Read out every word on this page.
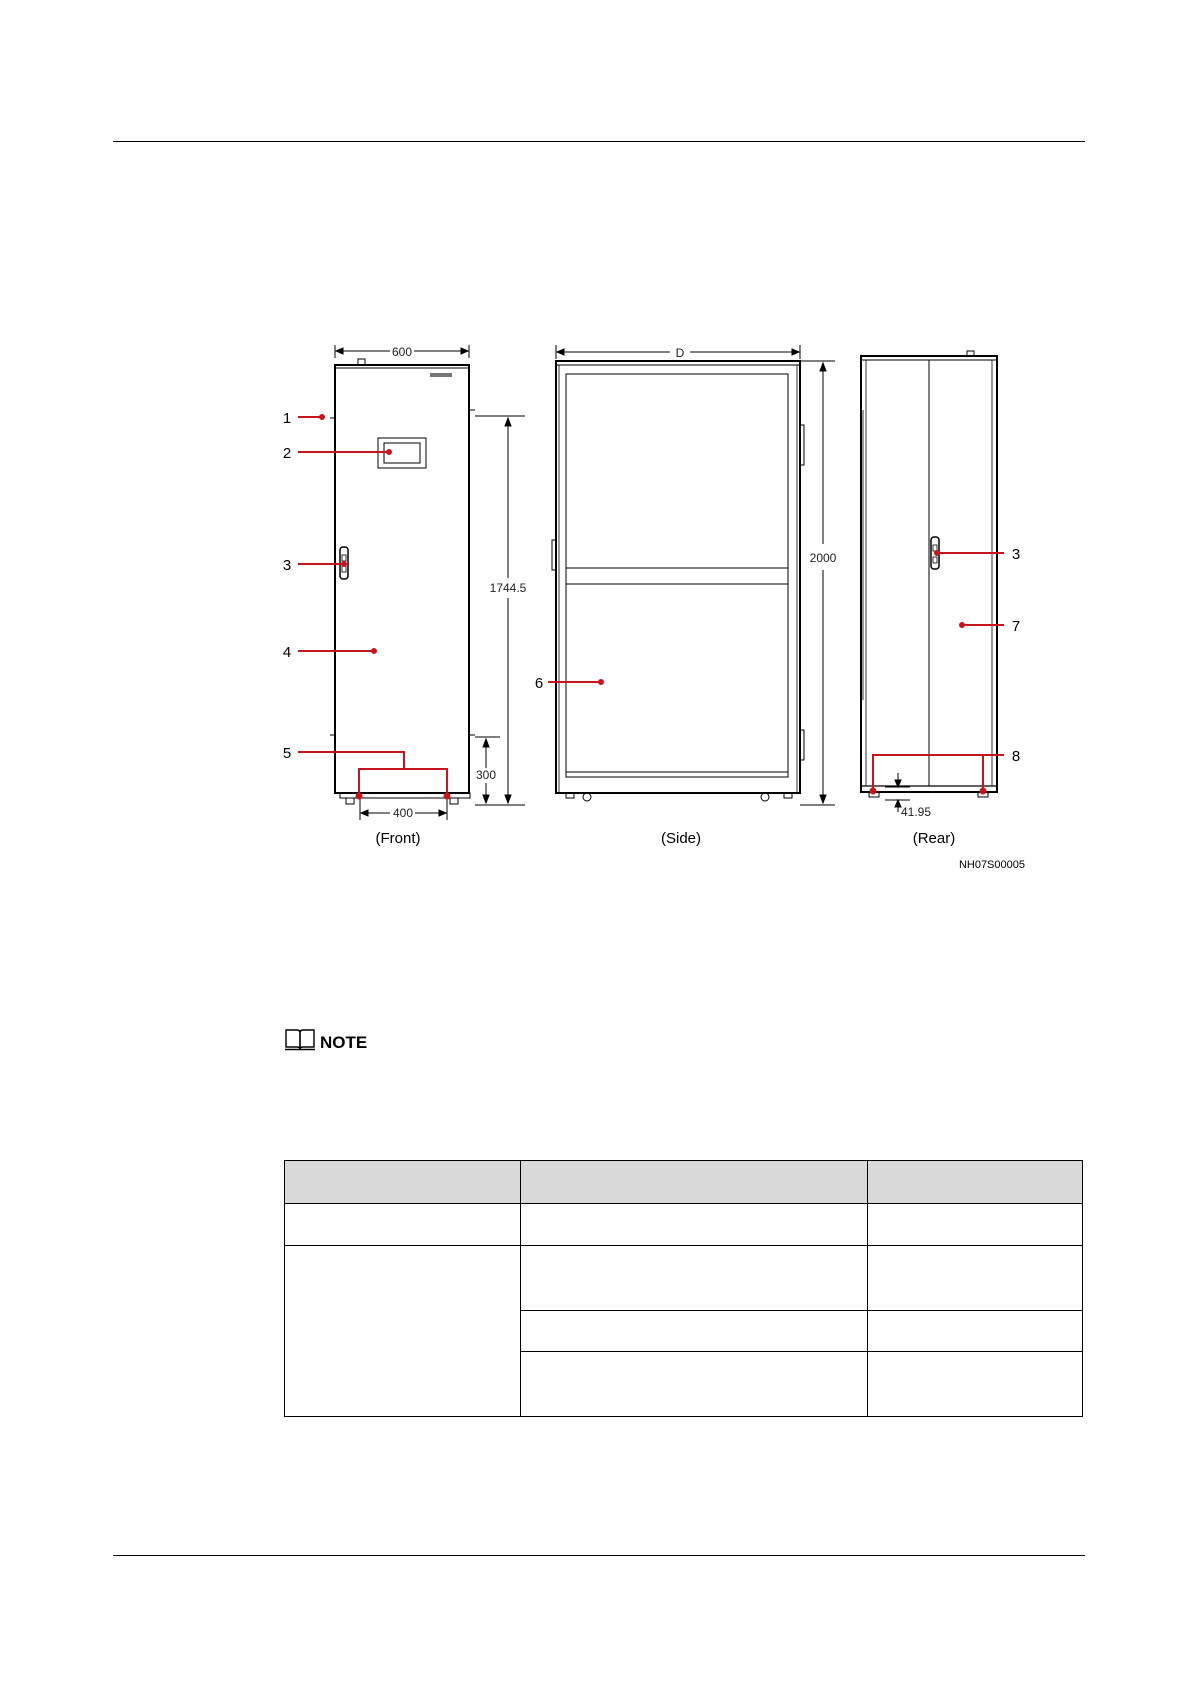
600
1744.5
300
400
1
2
3
4
5
(Front)
D
2000
6
(Side)
41.95
3
7
8
(Rear)
NH07S00005
NOTE
